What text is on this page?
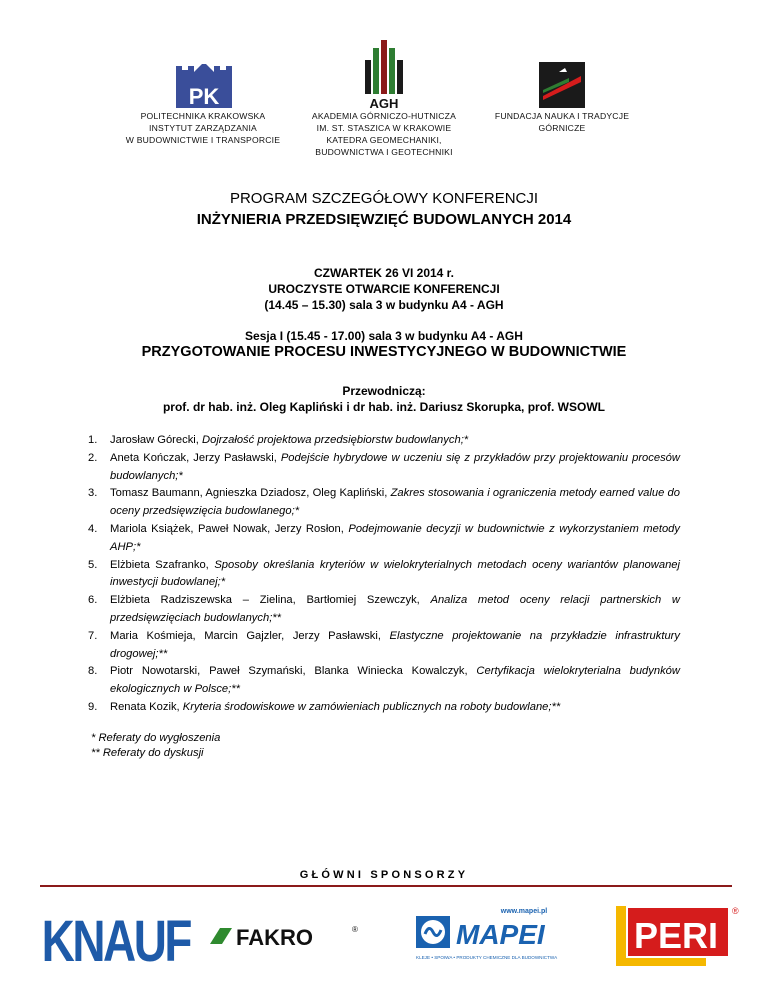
PK
POLITECHNIKA KRAKOWSKA
INSTYTUT ZARZĄDZANIA
W BUDOWNICTWIE I TRANSPORCIE
AGH
AKADEMIA GÓRNICZO-HUTNICZA
IM. ST. STASZICA W KRAKOWIE
KATEDRA GEOMECHANIKI,
BUDOWNICTWA I GEOTECHNIKI
FUNDACJA NAUKA I TRADYCJE
GÓRNICZE
PROGRAM SZCZEGÓŁOWY KONFERENCJI
INŻYNIERIA PRZEDSIĘWZIĘĆ BUDOWLANYCH 2014
CZWARTEK 26 VI 2014 r.
UROCZYSTE OTWARCIE KONFERENCJI
(14.45 – 15.30) sala 3 w budynku A4 - AGH
Sesja I (15.45 - 17.00) sala 3 w budynku A4 - AGH
PRZYGOTOWANIE PROCESU INWESTYCYJNEGO W BUDOWNICTWIE
Przewodniczą:
prof. dr hab. inż. Oleg Kapliński i dr hab. inż. Dariusz Skorupka, prof. WSOWL
1.	Jarosław Górecki, Dojrzałość projektowa przedsiębiorstw budowlanych;*
2.	Aneta Kończak, Jerzy Pasławski, Podejście hybrydowe w uczeniu się z przykładów przy projektowaniu procesów budowlanych;*
3.	Tomasz Baumann, Agnieszka Dziadosz, Oleg Kapliński, Zakres stosowania i ograniczenia metody earned value do oceny przedsięwzięcia budowlanego;*
4.	Mariola Książek, Paweł Nowak, Jerzy Rosłon, Podejmowanie decyzji w budownictwie z wykorzystaniem metody AHP;*
5.	Elżbieta Szafranko, Sposoby określania kryteriów w wielokryterialnych metodach oceny wariantów planowanej inwestycji budowlanej;*
6.	Elżbieta Radziszewska – Zielina, Bartłomiej Szewczyk, Analiza metod oceny relacji partnerskich w przedsięwzięciach budowlanych;**
7.	Maria Kośmieja, Marcin Gajzler, Jerzy Pasławski, Elastyczne projektowanie na przykładzie infrastruktury drogowej;**
8.	Piotr Nowotarski, Paweł Szymański, Blanka Winiecka Kowalczyk, Certyfikacja wielokryterialna budynków ekologicznych w Polsce;**
9.	Renata Kozik, Kryteria środowiskowe w zamówieniach publicznych na roboty budowlane;**
* Referaty do wygłoszenia
** Referaty do dyskusji
GŁÓWNI SPONSORZY
KNAUF FAKRO	®
www.mapei.pl
MAPEI
KLEJE • SPOIWA • PRODUKTY CHEMICZNE DLA BUDOWNICTWA
PERI
®
